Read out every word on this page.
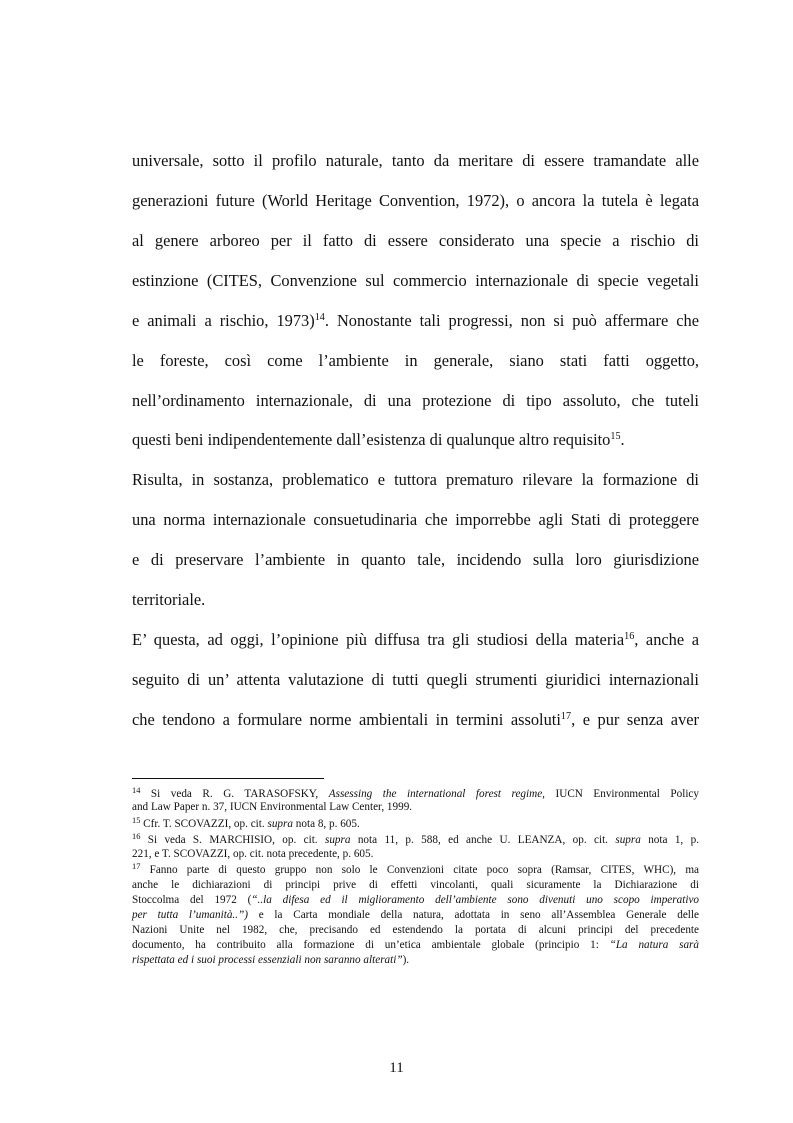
universale, sotto il profilo naturale, tanto da meritare di essere tramandate alle
generazioni future (World Heritage Convention, 1972), o ancora la tutela è legata
al genere arboreo per il fatto di essere considerato una specie a rischio di
estinzione (CITES, Convenzione sul commercio internazionale di specie vegetali
e animali a rischio, 1973)$^{14}$. Nonostante tali progressi, non si può affermare che
le foreste, così come l’ambiente in generale, siano stati fatti oggetto,
nell’ordinamento internazionale, di una protezione di tipo assoluto, che tuteli
questi beni indipendentemente dall’esistenza di qualunque altro requisito$^{15}$.
Risulta, in sostanza, problematico e tuttora prematuro rilevare la formazione di
una norma internazionale consuetudinaria che imporrebbe agli Stati di proteggere
e di preservare l’ambiente in quanto tale, incidendo sulla loro giurisdizione
territoriale.
E’ questa, ad oggi, l’opinione più diffusa tra gli studiosi della materia$^{16}$, anche a
seguito di un’ attenta valutazione di tutti quegli strumenti giuridici internazionali
che tendono a formulare norme ambientali in termini assoluti$^{17}$, e pur senza aver
$^{14}$ Si veda R. G. TARASOFSKY, Assessing the international forest regime, IUCN Environmental Policy
and Law Paper n. 37, IUCN Environmental Law Center, 1999.
$^{15}$ Cfr. T. SCOVAZZI, op. cit. supra nota 8, p. 605.
$^{16}$ Si veda S. MARCHISIO, op. cit. supra nota 11, p. 588, ed anche U. LEANZA, op. cit. supra nota 1, p.
221, e T. SCOVAZZI, op. cit. nota precedente, p. 605.
$^{17}$ Fanno parte di questo gruppo non solo le Convenzioni citate poco sopra (Ramsar, CITES, WHC), ma
anche le dichiarazioni di principi prive di effetti vincolanti, quali sicuramente la Dichiarazione di
Stoccolma del 1972 (“..la difesa ed il miglioramento dell’ambiente sono divenuti uno scopo imperativo
per tutta l’umanità..”) e la Carta mondiale della natura, adottata in seno all’Assemblea Generale delle
Nazioni Unite nel 1982, che, precisando ed estendendo la portata di alcuni principi del precedente
documento, ha contribuito alla formazione di un’etica ambientale globale (principio 1: “La natura sarà
rispettata ed i suoi processi essenziali non saranno alterati”).
11
